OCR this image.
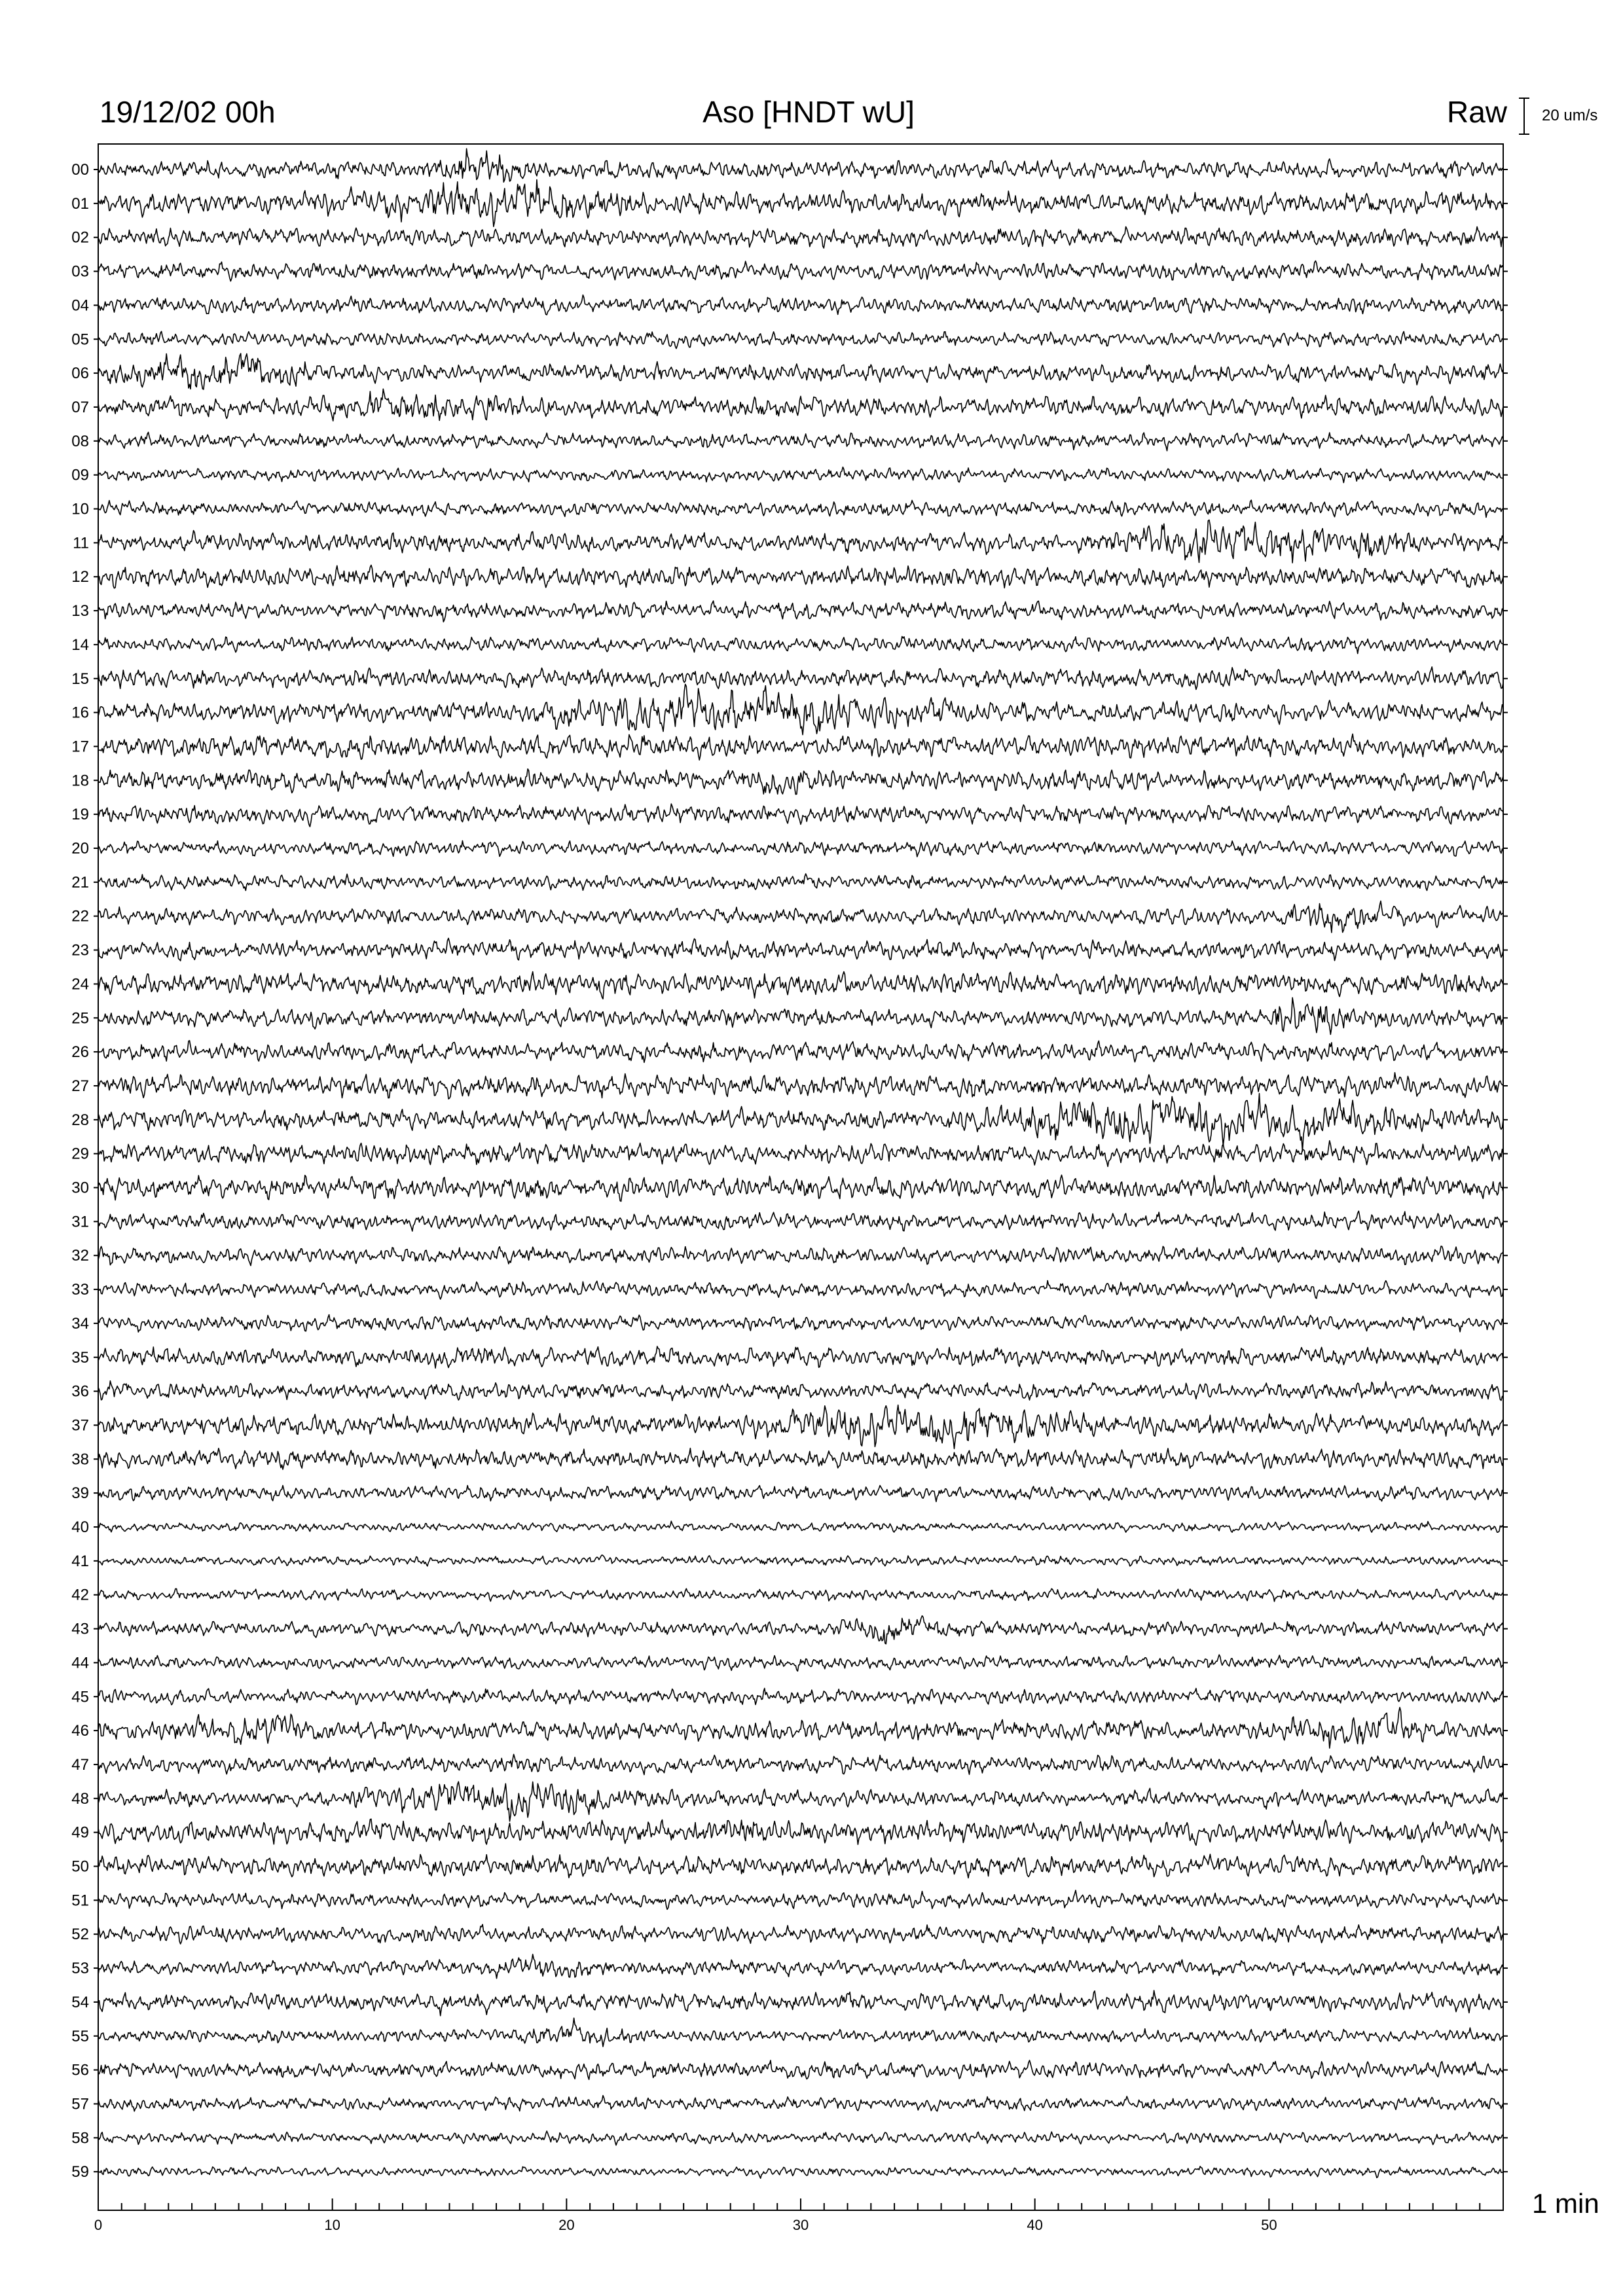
19/12/02 00h	Aso [HNDT wU]	Raw 20 um/s
1 min
00
01
02
03
04
05
06
07
08
09
10
11
12
13
14
15
16
17
18
19
20
21
22
23
24
25
26
27
28
29
30
31
32
33
34
35
36
37
38
39
40
41
42
43
44
45
46
47
48
49
50
51
52
53
54
55
56
57
58
59
0	10	20	30	40	50
